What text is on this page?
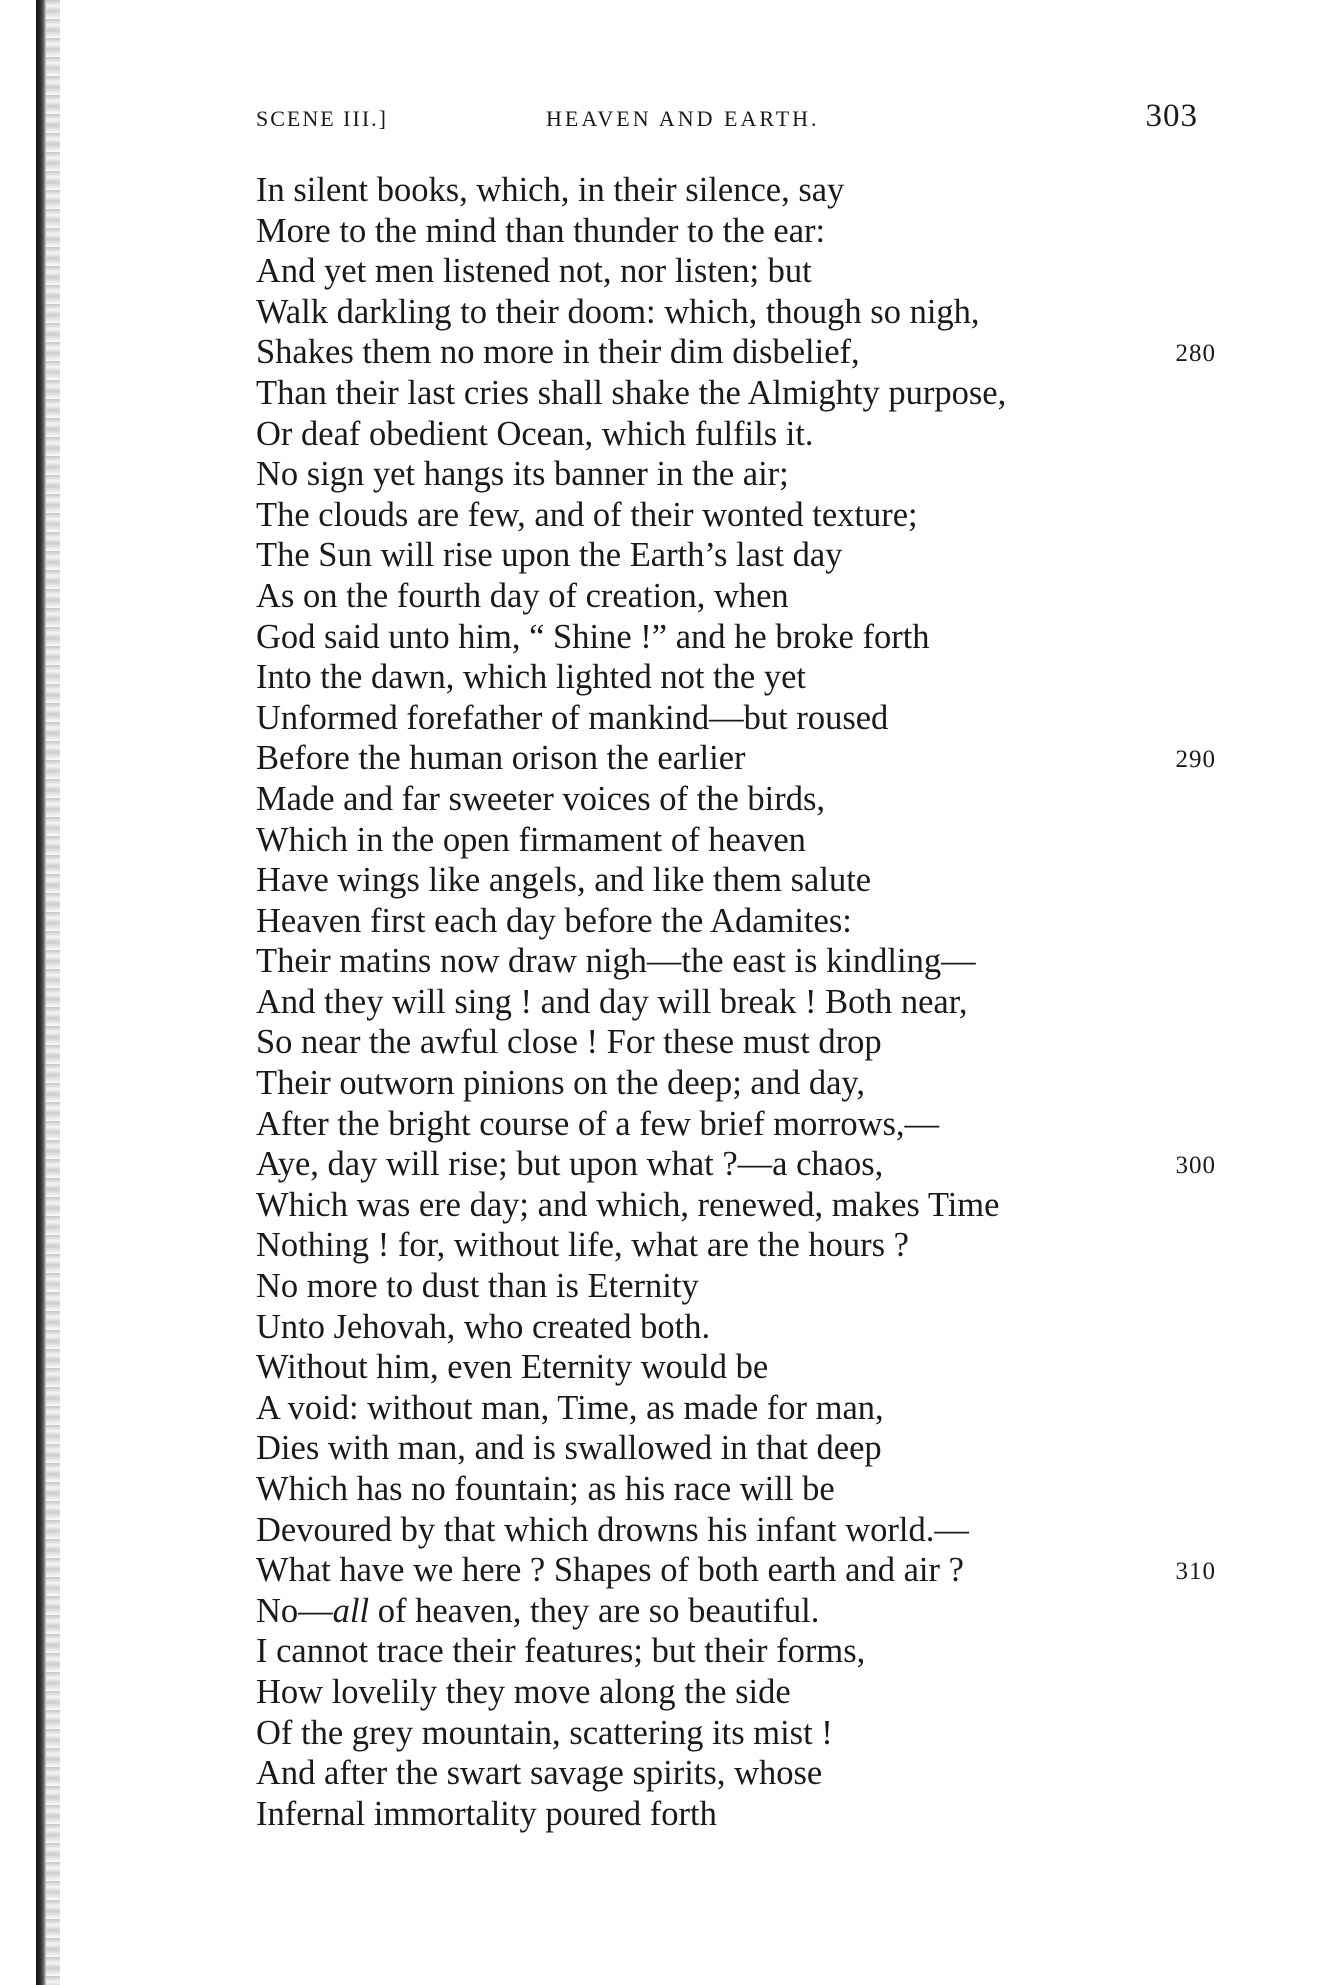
SCENE III.]	HEAVEN AND EARTH.	303
In silent books, which, in their silence, say
More to the mind than thunder to the ear:
And yet men listened not, nor listen; but
Walk darkling to their doom: which, though so nigh,
Shakes them no more in their dim disbelief,	280
Than their last cries shall shake the Almighty purpose,
Or deaf obedient Ocean, which fulfils it.
No sign yet hangs its banner in the air;
The clouds are few, and of their wonted texture;
The Sun will rise upon the Earth’s last day
As on the fourth day of creation, when
God said unto him, “ Shine !” and he broke forth
Into the dawn, which lighted not the yet
Unformed forefather of mankind—but roused
Before the human orison the earlier	290
Made and far sweeter voices of the birds,
Which in the open firmament of heaven
Have wings like angels, and like them salute
Heaven first each day before the Adamites:
Their matins now draw nigh—the east is kindling—
And they will sing ! and day will break ! Both near,
So near the awful close ! For these must drop
Their outworn pinions on the deep; and day,
After the bright course of a few brief morrows,—
Aye, day will rise; but upon what ?—a chaos,	300
Which was ere day; and which, renewed, makes Time
Nothing ! for, without life, what are the hours ?
No more to dust than is Eternity
Unto Jehovah, who created both.
Without him, even Eternity would be
A void: without man, Time, as made for man,
Dies with man, and is swallowed in that deep
Which has no fountain; as his race will be
Devoured by that which drowns his infant world.—
What have we here ? Shapes of both earth and air ?	310
No—all of heaven, they are so beautiful.
I cannot trace their features; but their forms,
How lovelily they move along the side
Of the grey mountain, scattering its mist !
And after the swart savage spirits, whose
Infernal immortality poured forth
